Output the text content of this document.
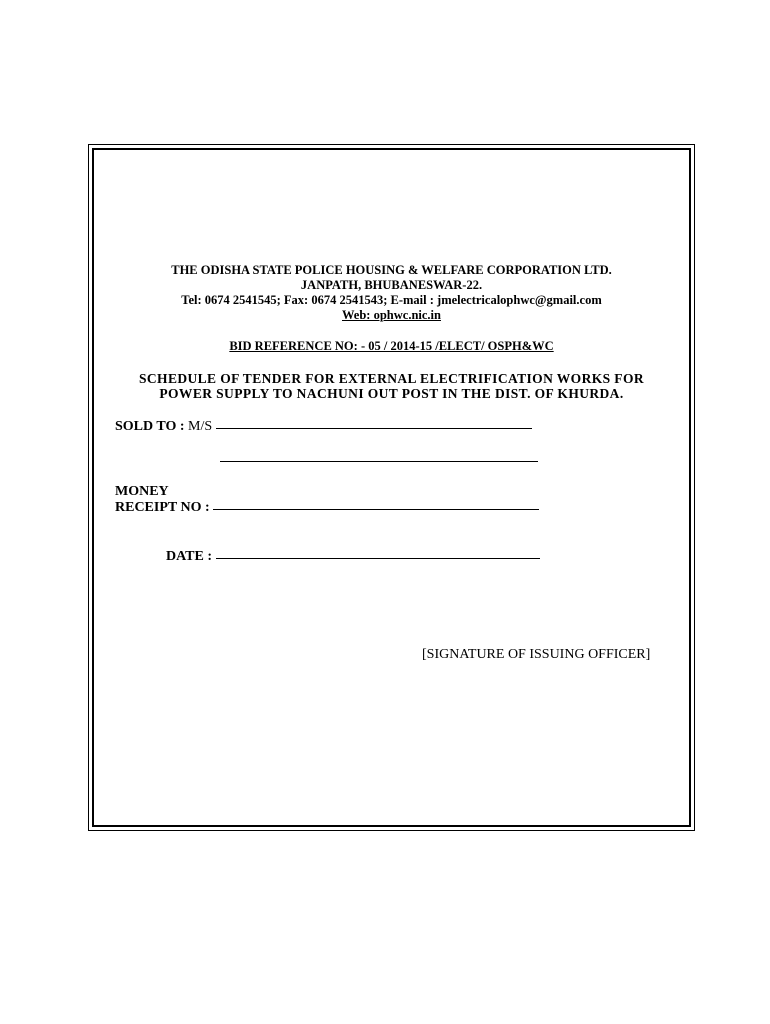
THE ODISHA STATE POLICE HOUSING & WELFARE CORPORATION LTD.
JANPATH, BHUBANESWAR-22.
Tel: 0674 2541545; Fax: 0674 2541543; E-mail : jmelectricalophwc@gmail.com
Web: ophwc.nic.in
BID REFERENCE NO: - 05 / 2014-15 /ELECT/ OSPH&WC
SCHEDULE OF TENDER FOR EXTERNAL ELECTRIFICATION WORKS FOR
POWER SUPPLY TO NACHUNI OUT POST IN THE DIST. OF KHURDA.
SOLD TO : M/S
MONEY
RECEIPT NO :
DATE :
[SIGNATURE OF ISSUING OFFICER]
